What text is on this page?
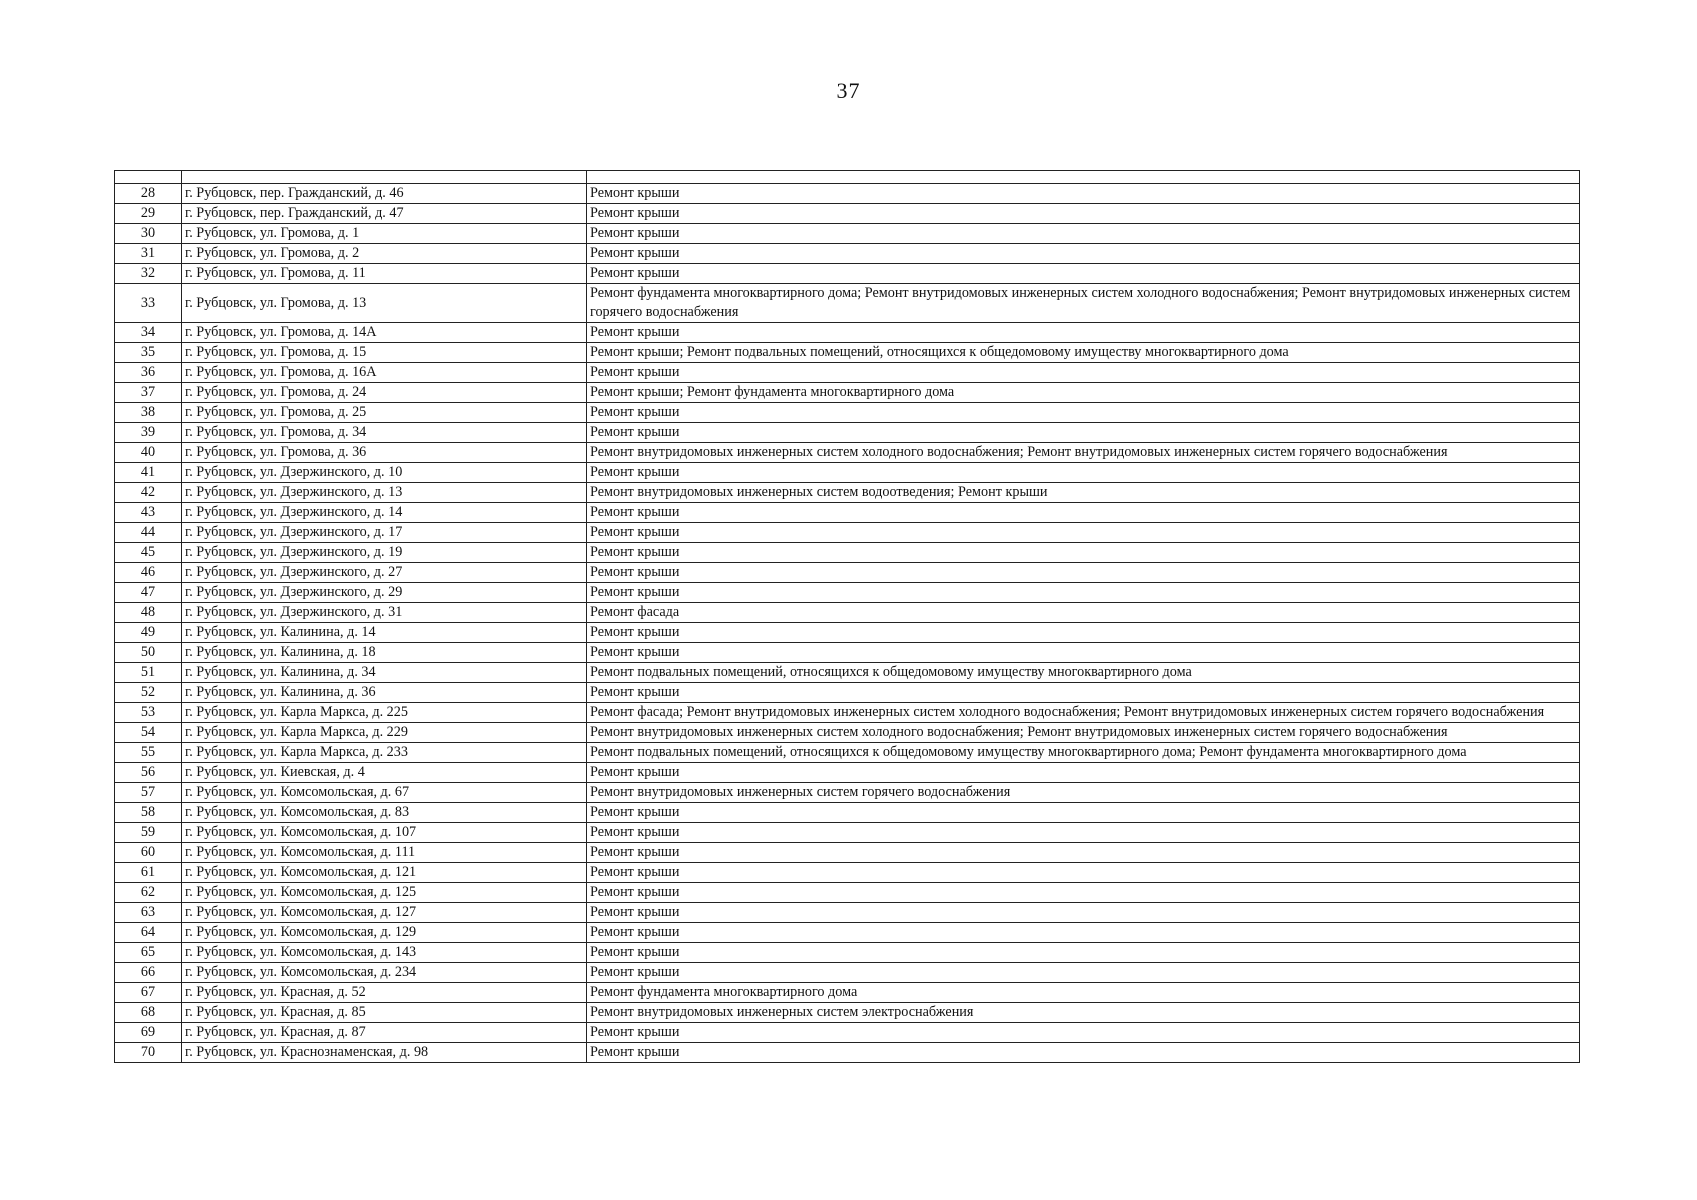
37

28	г. Рубцовск, пер. Гражданский, д. 46	Ремонт крыши
29	г. Рубцовск, пер. Гражданский, д. 47	Ремонт крыши
30	г. Рубцовск, ул. Громова, д. 1	Ремонт крыши
31	г. Рубцовск, ул. Громова, д. 2	Ремонт крыши
32	г. Рубцовск, ул. Громова, д. 11	Ремонт крыши
33	г. Рубцовск, ул. Громова, д. 13	Ремонт фундамента многоквартирного дома; Ремонт внутридомовых инженерных систем холодного водоснабжения; Ремонт внутридомовых инженерных систем горячего водоснабжения
34	г. Рубцовск, ул. Громова, д. 14А	Ремонт крыши
35	г. Рубцовск, ул. Громова, д. 15	Ремонт крыши; Ремонт подвальных помещений, относящихся к общедомовому имуществу многоквартирного дома
36	г. Рубцовск, ул. Громова, д. 16А	Ремонт крыши
37	г. Рубцовск, ул. Громова, д. 24	Ремонт крыши; Ремонт фундамента многоквартирного дома
38	г. Рубцовск, ул. Громова, д. 25	Ремонт крыши
39	г. Рубцовск, ул. Громова, д. 34	Ремонт крыши
40	г. Рубцовск, ул. Громова, д. 36	Ремонт внутридомовых инженерных систем холодного водоснабжения; Ремонт внутридомовых инженерных систем горячего водоснабжения
41	г. Рубцовск, ул. Дзержинского, д. 10	Ремонт крыши
42	г. Рубцовск, ул. Дзержинского, д. 13	Ремонт внутридомовых инженерных систем водоотведения; Ремонт крыши
43	г. Рубцовск, ул. Дзержинского, д. 14	Ремонт крыши
44	г. Рубцовск, ул. Дзержинского, д. 17	Ремонт крыши
45	г. Рубцовск, ул. Дзержинского, д. 19	Ремонт крыши
46	г. Рубцовск, ул. Дзержинского, д. 27	Ремонт крыши
47	г. Рубцовск, ул. Дзержинского, д. 29	Ремонт крыши
48	г. Рубцовск, ул. Дзержинского, д. 31	Ремонт фасада
49	г. Рубцовск, ул. Калинина, д. 14	Ремонт крыши
50	г. Рубцовск, ул. Калинина, д. 18	Ремонт крыши
51	г. Рубцовск, ул. Калинина, д. 34	Ремонт подвальных помещений, относящихся к общедомовому имуществу многоквартирного дома
52	г. Рубцовск, ул. Калинина, д. 36	Ремонт крыши
53	г. Рубцовск, ул. Карла Маркса, д. 225	Ремонт фасада; Ремонт внутридомовых инженерных систем холодного водоснабжения; Ремонт внутридомовых инженерных систем горячего водоснабжения
54	г. Рубцовск, ул. Карла Маркса, д. 229	Ремонт внутридомовых инженерных систем холодного водоснабжения; Ремонт внутридомовых инженерных систем горячего водоснабжения
55	г. Рубцовск, ул. Карла Маркса, д. 233	Ремонт подвальных помещений, относящихся к общедомовому имуществу многоквартирного дома; Ремонт фундамента многоквартирного дома
56	г. Рубцовск, ул. Киевская, д. 4	Ремонт крыши
57	г. Рубцовск, ул. Комсомольская, д. 67	Ремонт внутридомовых инженерных систем горячего водоснабжения
58	г. Рубцовск, ул. Комсомольская, д. 83	Ремонт крыши
59	г. Рубцовск, ул. Комсомольская, д. 107	Ремонт крыши
60	г. Рубцовск, ул. Комсомольская, д. 111	Ремонт крыши
61	г. Рубцовск, ул. Комсомольская, д. 121	Ремонт крыши
62	г. Рубцовск, ул. Комсомольская, д. 125	Ремонт крыши
63	г. Рубцовск, ул. Комсомольская, д. 127	Ремонт крыши
64	г. Рубцовск, ул. Комсомольская, д. 129	Ремонт крыши
65	г. Рубцовск, ул. Комсомольская, д. 143	Ремонт крыши
66	г. Рубцовск, ул. Комсомольская, д. 234	Ремонт крыши
67	г. Рубцовск, ул. Красная, д. 52	Ремонт фундамента многоквартирного дома
68	г. Рубцовск, ул. Красная, д. 85	Ремонт внутридомовых инженерных систем электроснабжения
69	г. Рубцовск, ул. Красная, д. 87	Ремонт крыши
70	г. Рубцовск, ул. Краснознаменская, д. 98	Ремонт крыши
